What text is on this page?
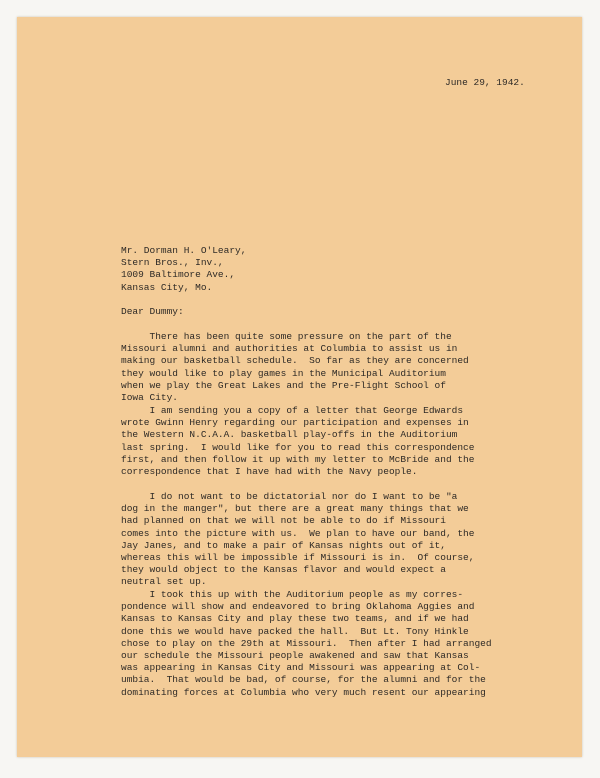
June 29, 1942.
Mr. Dorman H. O'Leary,
Stern Bros., Inv.,
1009 Baltimore Ave.,
Kansas City, Mo.
Dear Dummy:
There has been quite some pressure on the part of the
Missouri alumni and authorities at Columbia to assist us in
making our basketball schedule.  So far as they are concerned
they would like to play games in the Municipal Auditorium
when we play the Great Lakes and the Pre-Flight School of
Iowa City.
I am sending you a copy of a letter that George Edwards
wrote Gwinn Henry regarding our participation and expenses in
the Western N.C.A.A. basketball play-offs in the Auditorium
last spring.  I would like for you to read this correspondence
first, and then follow it up with my letter to McBride and the
correspondence that I have had with the Navy people.
I do not want to be dictatorial nor do I want to be "a
dog in the manger", but there are a great many things that we
had planned on that we will not be able to do if Missouri
comes into the picture with us.  We plan to have our band, the
Jay Janes, and to make a pair of Kansas nights out of it,
whereas this will be impossible if Missouri is in.  Of course,
they would object to the Kansas flavor and would expect a
neutral set up.
I took this up with the Auditorium people as my corres-
pondence will show and endeavored to bring Oklahoma Aggies and
Kansas to Kansas City and play these two teams, and if we had
done this we would have packed the hall.  But Lt. Tony Hinkle
chose to play on the 29th at Missouri.  Then after I had arranged
our schedule the Missouri people awakened and saw that Kansas
was appearing in Kansas City and Missouri was appearing at Col-
umbia.  That would be bad, of course, for the alumni and for the
dominating forces at Columbia who very much resent our appearing
